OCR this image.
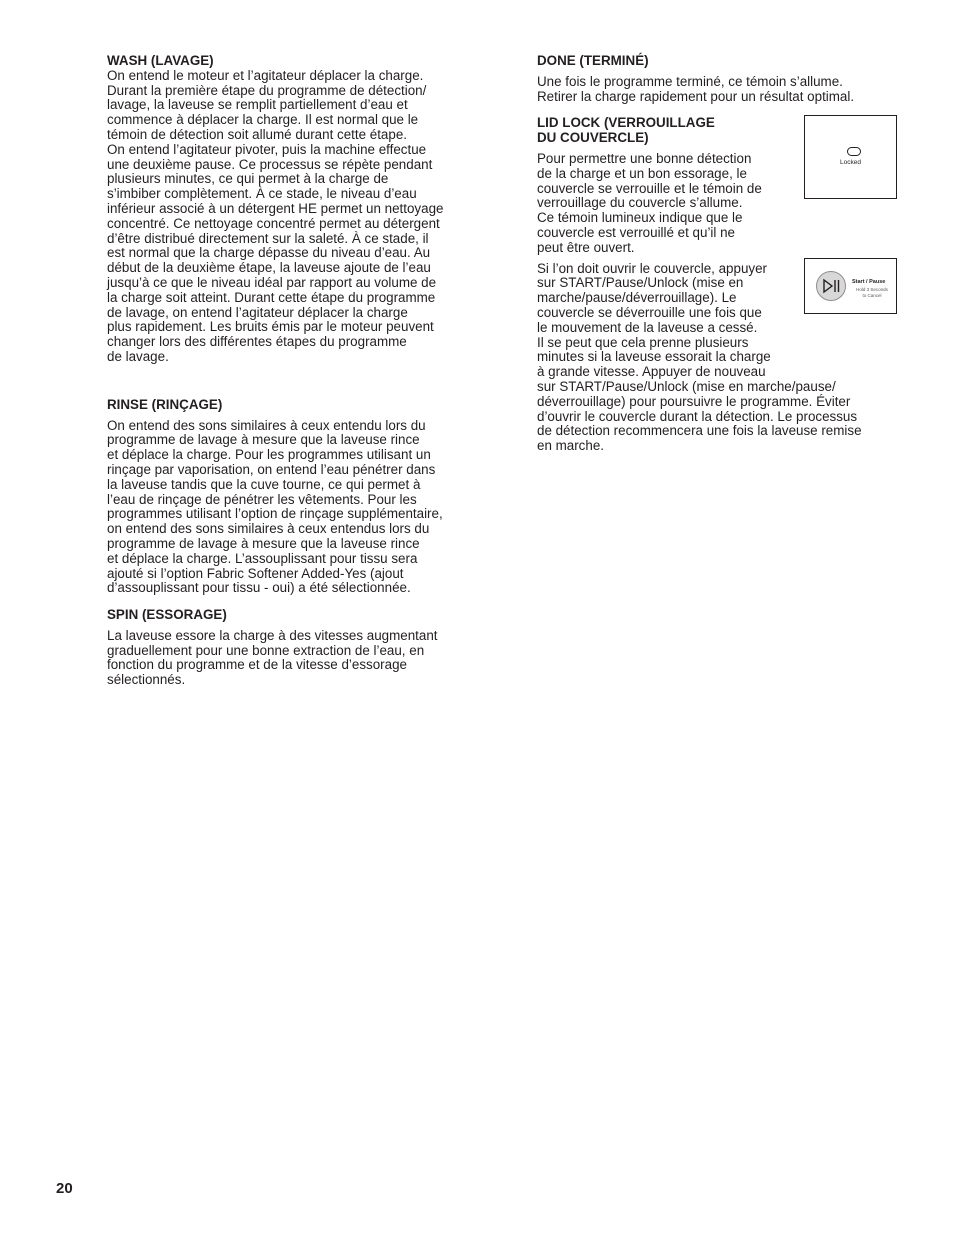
WASH (LAVAGE)

On entend le moteur et l’agitateur déplacer la charge.
Durant la première étape du programme de détection/
lavage, la laveuse se remplit partiellement d’eau et
commence à déplacer la charge. Il est normal que le
témoin de détection soit allumé durant cette étape.
On entend l’agitateur pivoter, puis la machine effectue
une deuxième pause. Ce processus se répète pendant
plusieurs minutes, ce qui permet à la charge de
s’imbiber complètement. À ce stade, le niveau d’eau
inférieur associé à un détergent HE permet un nettoyage
concentré. Ce nettoyage concentré permet au détergent
d’être distribué directement sur la saleté. À ce stade, il
est normal que la charge dépasse du niveau d’eau. Au
début de la deuxième étape, la laveuse ajoute de l’eau
jusqu’à ce que le niveau idéal par rapport au volume de
la charge soit atteint. Durant cette étape du programme
de lavage, on entend l’agitateur déplacer la charge
plus rapidement. Les bruits émis par le moteur peuvent
changer lors des différentes étapes du programme
de lavage.

RINSE (RINÇAGE)

On entend des sons similaires à ceux entendu lors du
programme de lavage à mesure que la laveuse rince
et déplace la charge. Pour les programmes utilisant un
rinçage par vaporisation, on entend l’eau pénétrer dans
la laveuse tandis que la cuve tourne, ce qui permet à
l’eau de rinçage de pénétrer les vêtements. Pour les
programmes utilisant l’option de rinçage supplémentaire,
on entend des sons similaires à ceux entendus lors du
programme de lavage à mesure que la laveuse rince
et déplace la charge. L’assouplissant pour tissu sera
ajouté si l’option Fabric Softener Added-Yes (ajout
d’assouplissant pour tissu - oui) a été sélectionnée.

SPIN (ESSORAGE)

La laveuse essore la charge à des vitesses augmentant
graduellement pour une bonne extraction de l’eau, en
fonction du programme et de la vitesse d’essorage
sélectionnés.

DONE (TERMINÉ)

Une fois le programme terminé, ce témoin s’allume.
Retirer la charge rapidement pour un résultat optimal.

LID LOCK (VERROUILLAGE
DU COUVERCLE)

Pour permettre une bonne détection
de la charge et un bon essorage, le
couvercle se verrouille et le témoin de
verrouillage du couvercle s’allume.
Ce témoin lumineux indique que le
couvercle est verrouillé et qu’il ne
peut être ouvert.

Si l’on doit ouvrir le couvercle, appuyer
sur START/Pause/Unlock (mise en
marche/pause/déverrouillage). Le
couvercle se déverrouille une fois que
le mouvement de la laveuse a cessé.
Il se peut que cela prenne plusieurs
minutes si la laveuse essorait la charge
à grande vitesse. Appuyer de nouveau
sur START/Pause/Unlock (mise en marche/pause/
déverrouillage) pour poursuivre le programme. Éviter
d’ouvrir le couvercle durant la détection. Le processus
de détection recommencera une fois la laveuse remise
en marche.

Locked
Start / Pause
Hold 3 Seconds
to Cancel
20
